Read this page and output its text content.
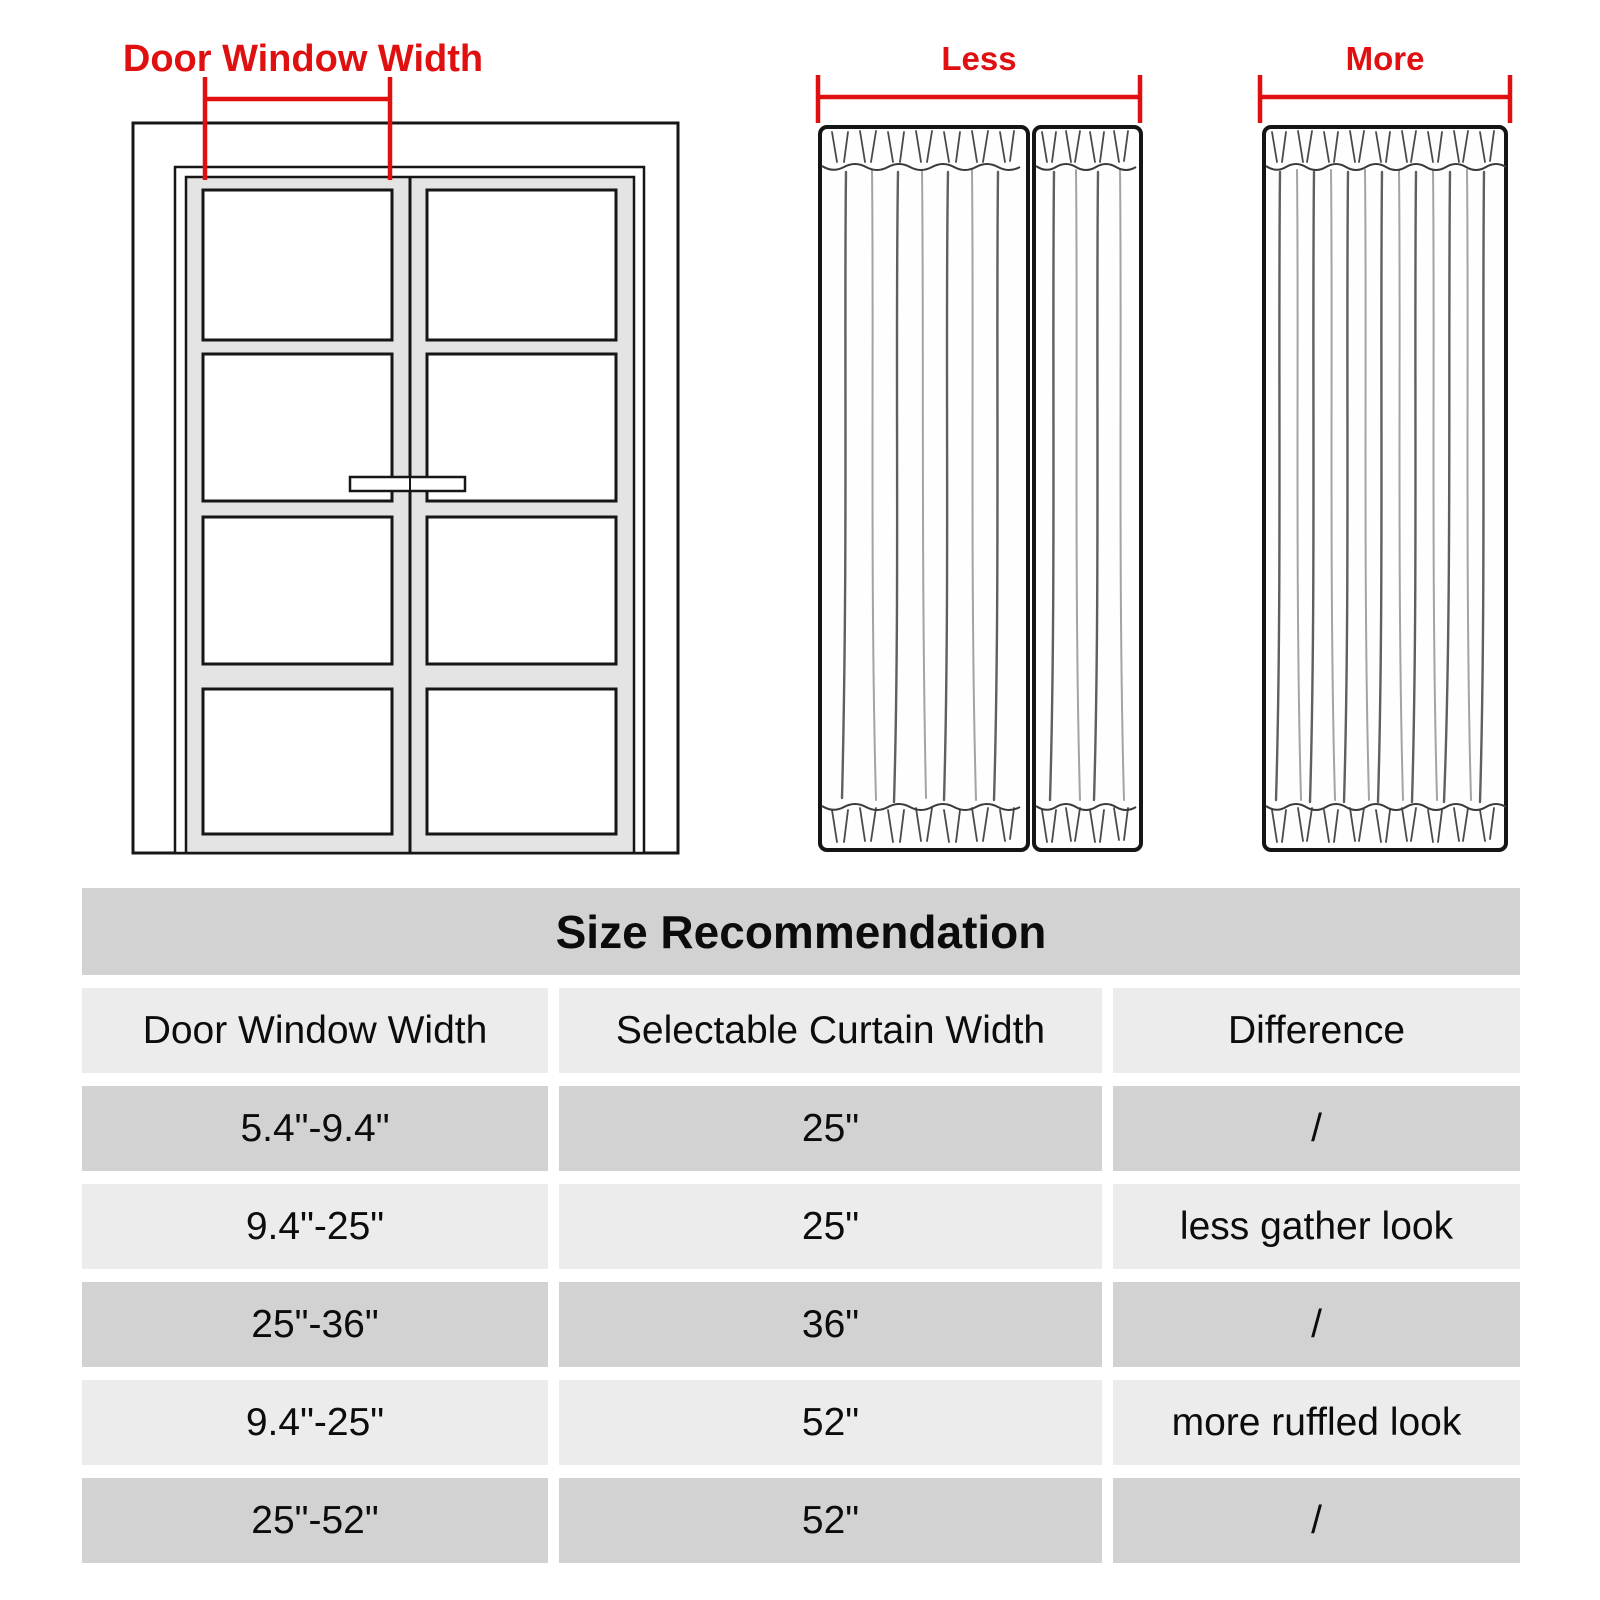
Door Window Width	Less	More
Size Recommendation
Door Window Width	Selectable Curtain Width	Difference
5.4"-9.4"	25"	/
9.4"-25"	25"	less gather look
25"-36"	36"	/
9.4"-25"	52"	more ruffled look
25"-52"	52"	/
